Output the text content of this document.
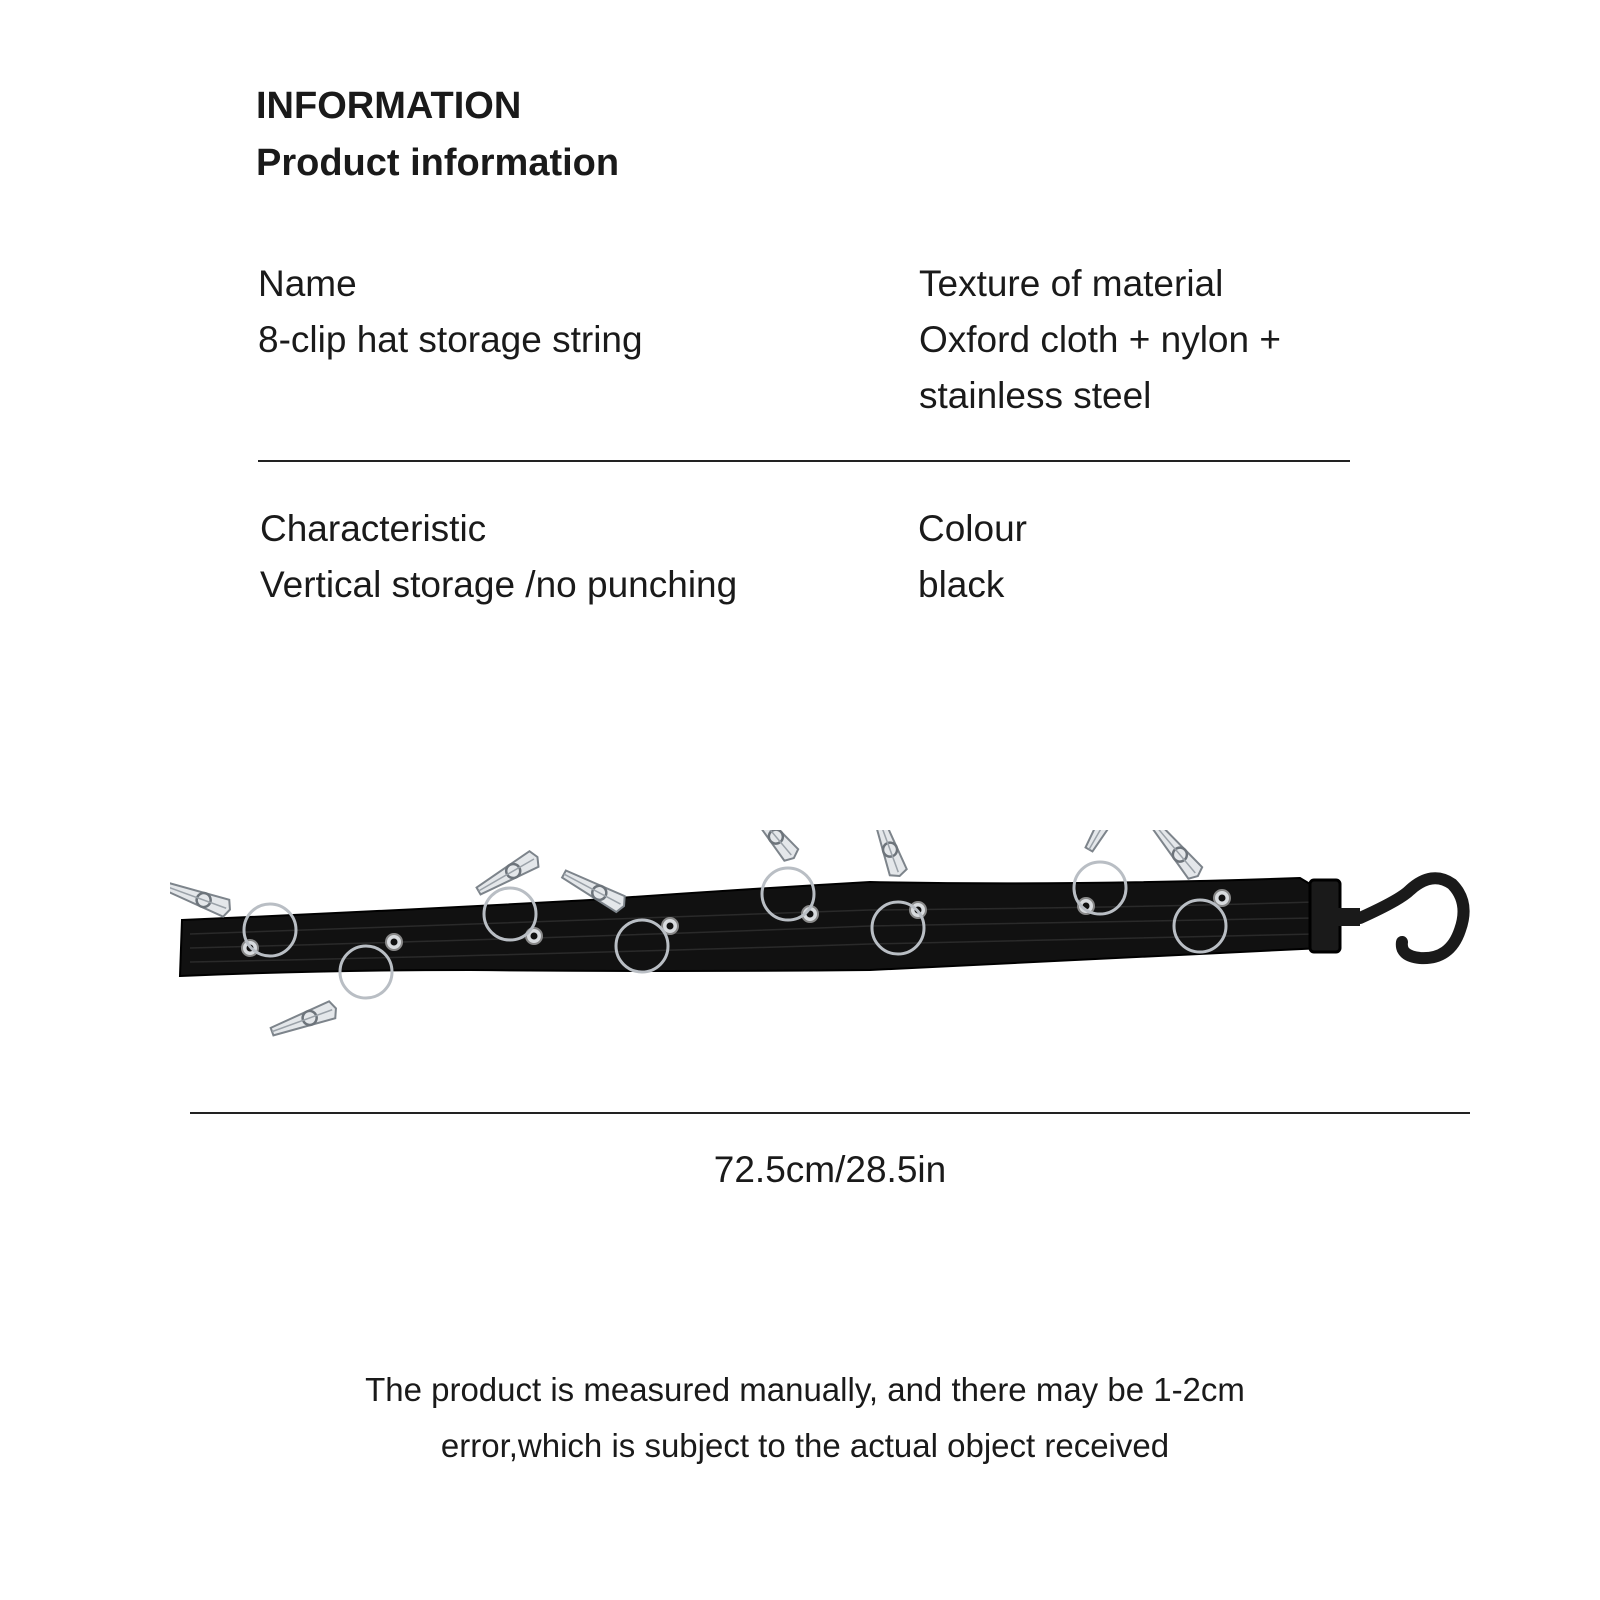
INFORMATION
Product information
Name
8-clip hat storage string
Texture of material
Oxford cloth + nylon +
stainless steel
Characteristic
Vertical storage /no punching
Colour
black

72.5cm/28.5in

The product is measured manually, and there may be 1-2cm
error,which is subject to the actual object received
